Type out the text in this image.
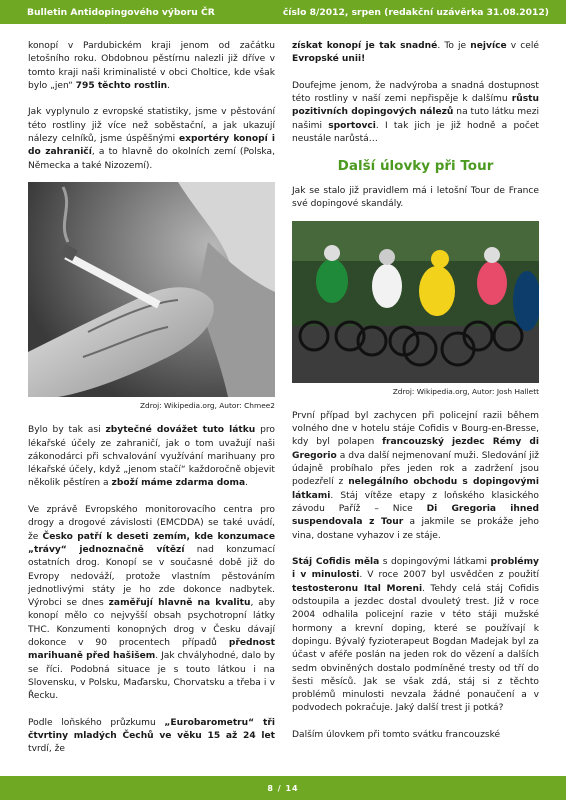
Bulletin Antidopingového výboru ČR	číslo 8/2012, srpen (redakční uzávěrka 31.08.2012)

konopí v Pardubickém kraji jenom od začátku letošního roku. Obdobnou pěstírnu nalezli již dříve v tomto kraji naši kriminalisté v obci Choltice, kde však bylo „jen“ 795 těchto rostlin.

Jak vyplynulo z evropské statistiky, jsme v pěstování této rostliny již více než soběstační, a jak ukazují nálezy celníků, jsme úspěšnými exportéry konopí i do zahraničí, a to hlavně do okolních zemí (Polska, Německa a také Nizozemí).

Zdroj: Wikipedia.org, Autor: Chmee2

Bylo by tak asi zbytečné dovážet tuto látku pro lékařské účely ze zahraničí, jak o tom uvažují naši zákonodárci při schvalování využívání marihuany pro lékařské účely, když „jenom stačí“ každoročně objevit několik pěstíren a zboží máme zdarma doma.

Ve zprávě Evropského monitorovacího centra pro drogy a drogové závislosti (EMCDDA) se také uvádí, že Česko patří k deseti zemím, kde konzumace „trávy“ jednoznačně vítězí nad konzumací ostatních drog. Konopí se v současné době již do Evropy nedováží, protože vlastním pěstováním jednotlivými státy je ho zde dokonce nadbytek. Výrobci se dnes zaměřují hlavně na kvalitu, aby konopí mělo co nejvyšší obsah psychotropní látky THC. Konzumenti konopných drog v Česku dávají dokonce v 90 procentech případů přednost marihuaně před hašišem. Jak chvályhodné, dalo by se říci. Podobná situace je s touto látkou i na Slovensku, v Polsku, Maďarsku, Chorvatsku a třeba i v Řecku.

Podle loňského průzkumu „Eurobarometru“ tři čtvrtiny mladých Čechů ve věku 15 až 24 let tvrdí, že

získat konopí je tak snadné. To je nejvíce v celé Evropské unii!

Doufejme jenom, že nadvýroba a snadná dostupnost této rostliny v naší zemi nepřispěje k dalšímu růstu pozitivních dopingových nálezů na tuto látku mezi našimi sportovci. I tak jich je již hodně a počet neustále narůstá…

Další úlovky při Tour

Jak se stalo již pravidlem má i letošní Tour de France své dopingové skandály.

Zdroj: Wikipedia.org, Autor: Josh Hallett

První případ byl zachycen při policejní razii během volného dne v hotelu stáje Cofidis v Bourg-en-Bresse, kdy byl polapen francouzský jezdec Rémy di Gregorio a dva další nejmenovaní muži. Sledování již údajně probíhalo přes jeden rok a zadržení jsou podezřelí z nelegálního obchodu s dopingovými látkami. Stáj vítěze etapy z loňského klasického závodu Paříž – Nice Di Gregoria ihned suspendovala z Tour a jakmile se prokáže jeho vina, dostane vyhazov i ze stáje.

Stáj Cofidis měla s dopingovými látkami problémy i v minulosti. V roce 2007 byl usvědčen z použití testosteronu Ital Moreni. Tehdy celá stáj Cofidis odstoupila a jezdec dostal dvouletý trest. Již v roce 2004 odhalila policejní razie v této stáji mužské hormony a krevní doping, které se používají k dopingu. Bývalý fyzioterapeut Bogdan Madejak byl za účast v aféře poslán na jeden rok do vězení a dalších sedm obviněných dostalo podmíněné tresty od tří do šesti měsíců. Jak se však zdá, stáj si z těchto problémů minulosti nevzala žádné ponaučení a v podvodech pokračuje. Jaký další trest ji potká?

Dalším úlovkem při tomto svátku francouzské

8 / 14
